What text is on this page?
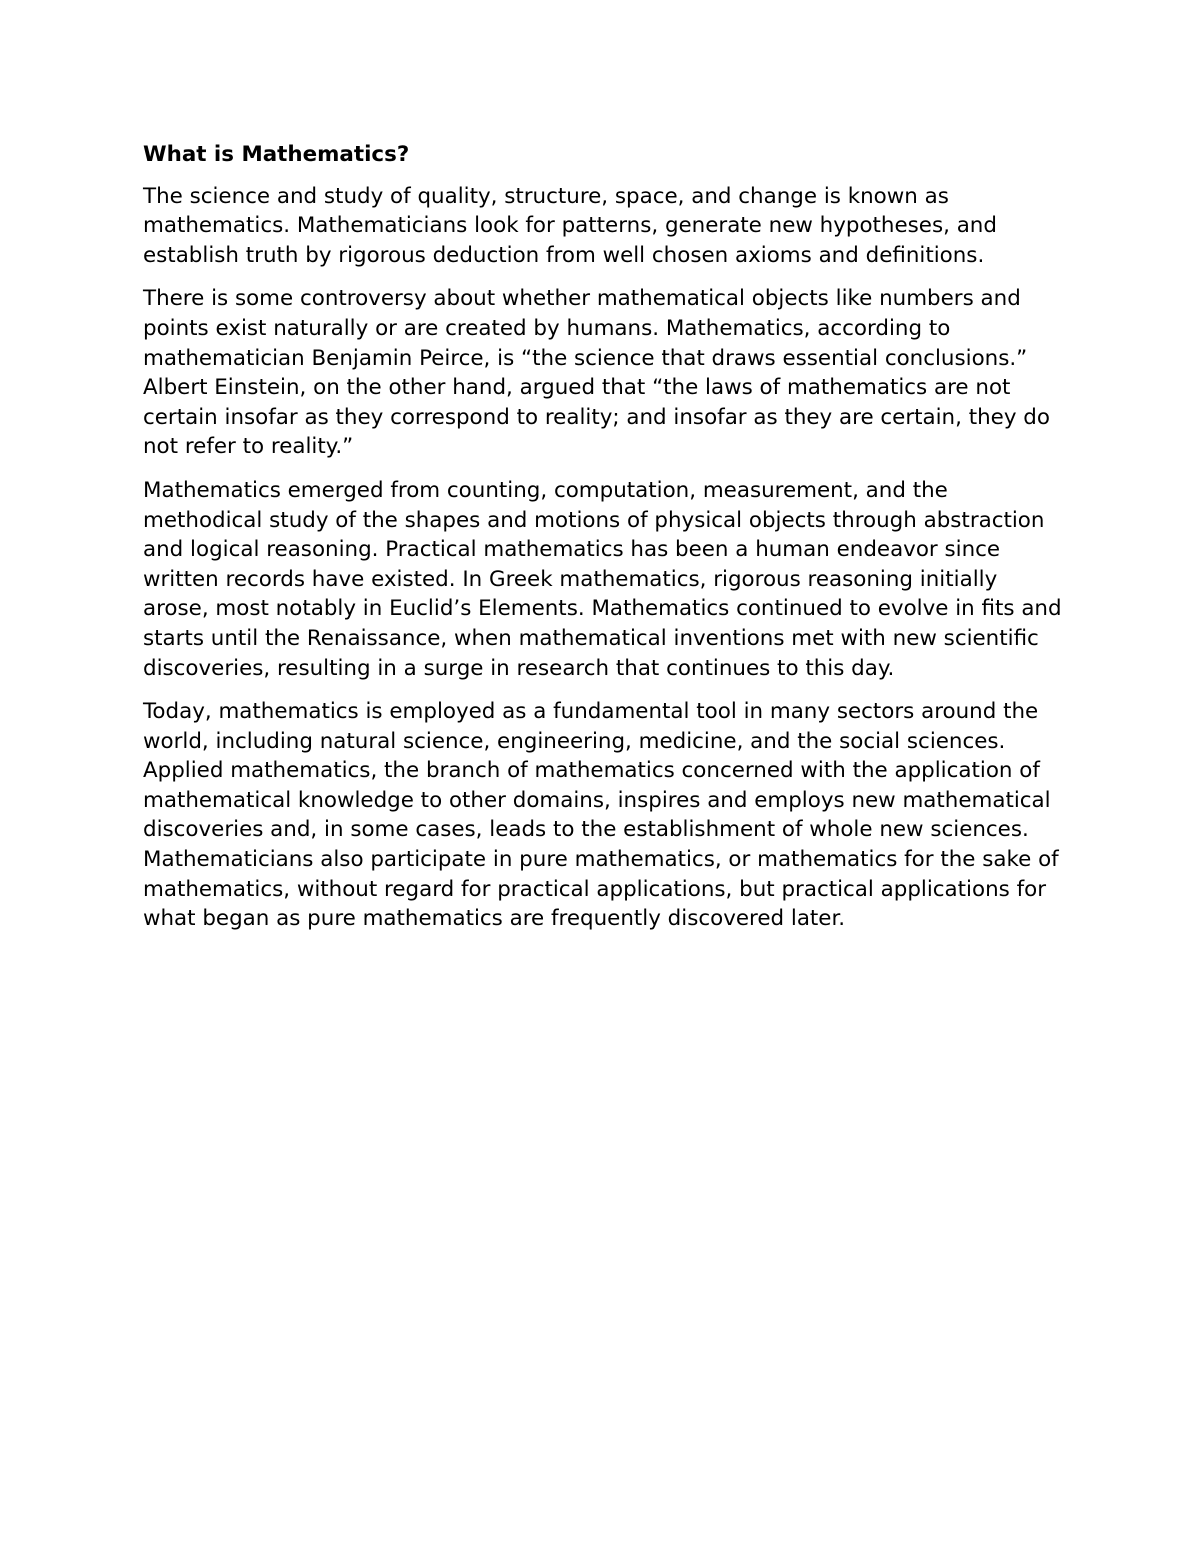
What is Mathematics?

The science and study of quality, structure, space, and change is known as mathematics. Mathematicians look for patterns, generate new hypotheses, and establish truth by rigorous deduction from well chosen axioms and definitions.

There is some controversy about whether mathematical objects like numbers and points exist naturally or are created by humans. Mathematics, according to mathematician Benjamin Peirce, is “the science that draws essential conclusions.” Albert Einstein, on the other hand, argued that “the laws of mathematics are not certain insofar as they correspond to reality; and insofar as they are certain, they do not refer to reality.”

Mathematics emerged from counting, computation, measurement, and the methodical study of the shapes and motions of physical objects through abstraction and logical reasoning. Practical mathematics has been a human endeavor since written records have existed. In Greek mathematics, rigorous reasoning initially arose, most notably in Euclid’s Elements. Mathematics continued to evolve in fits and starts until the Renaissance, when mathematical inventions met with new scientific discoveries, resulting in a surge in research that continues to this day.

Today, mathematics is employed as a fundamental tool in many sectors around the world, including natural science, engineering, medicine, and the social sciences. Applied mathematics, the branch of mathematics concerned with the application of mathematical knowledge to other domains, inspires and employs new mathematical discoveries and, in some cases, leads to the establishment of whole new sciences. Mathematicians also participate in pure mathematics, or mathematics for the sake of mathematics, without regard for practical applications, but practical applications for what began as pure mathematics are frequently discovered later.
